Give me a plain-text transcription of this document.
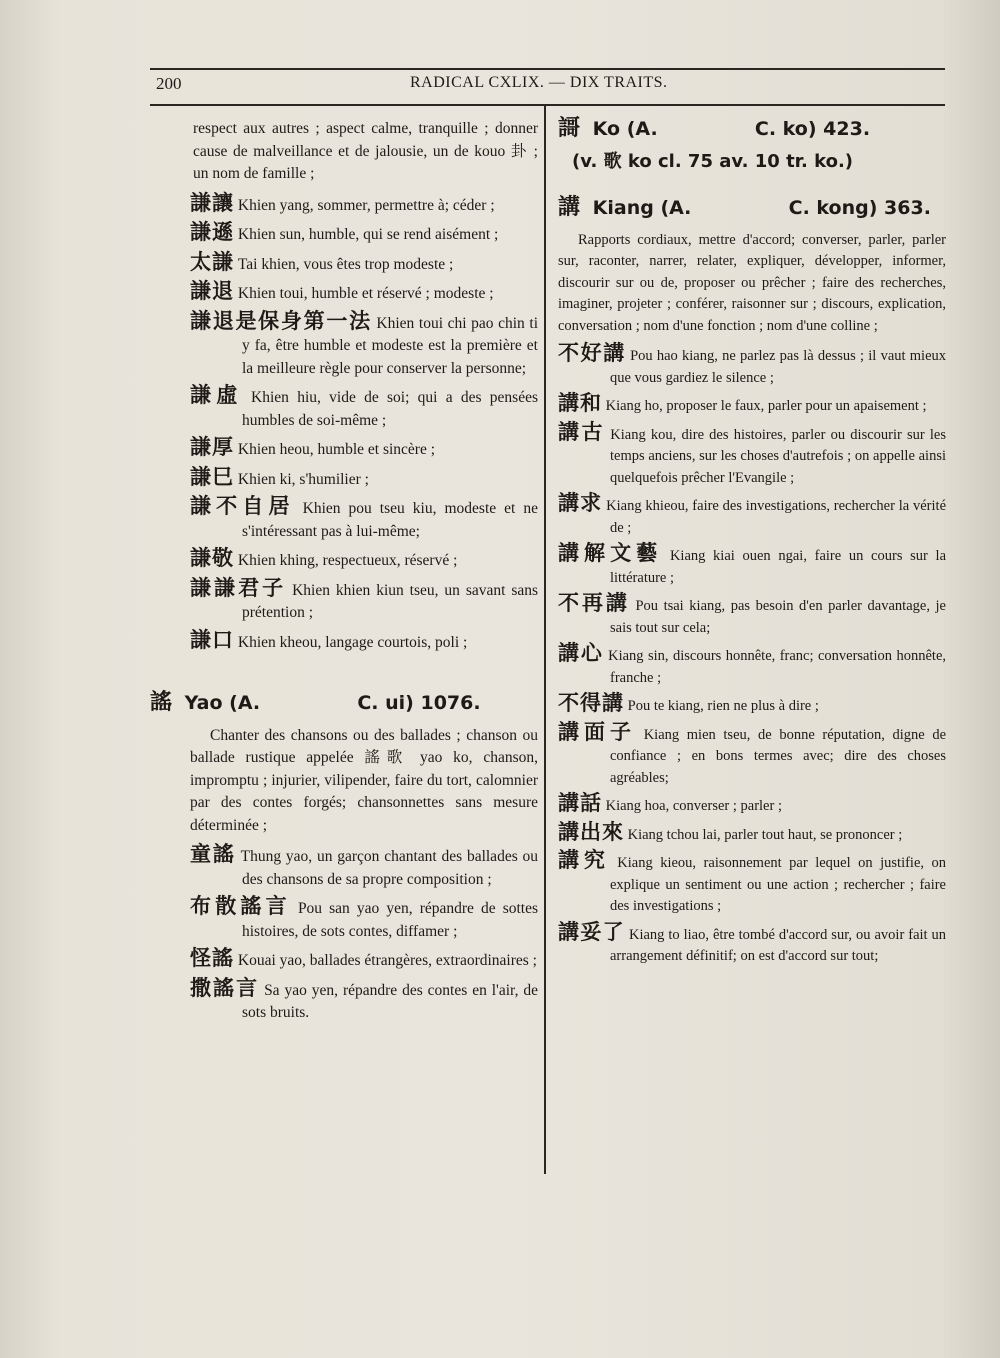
200	RADICAL CXLIX. — DIX TRAITS.

respect aux autres ; aspect calme, tranquille ; donner cause de malveillance et de jalousie, un de kouo 卦 ; un nom de famille ;

謙讓 Khien yang, sommer, permettre à; céder ;
謙遜 Khien sun, humble, qui se rend aisément ;
太謙 Tai khien, vous êtes trop modeste ;
謙退 Khien toui, humble et réservé ; modeste ;
謙退是保身第一法 Khien toui chi pao chin ti y fa, être humble et modeste est la première et la meilleure règle pour conserver la personne;
謙虛 Khien hiu, vide de soi; qui a des pensées humbles de soi-même ;
謙厚 Khien heou, humble et sincère ;
謙巳 Khien ki, s'humilier ;
謙不自居 Khien pou tseu kiu, modeste et ne s'intéressant pas à lui-même;
謙敬 Khien khing, respectueux, réservé ;
謙謙君子 Khien khien kiun tseu, un savant sans prétention ;
謙口 Khien kheou, langage courtois, poli ;
謠 Yao (A.	C. ui) 1076.

Chanter des chansons ou des ballades ; chanson ou ballade rustique appelée 謠歌 yao ko, chanson, impromptu ; injurier, vilipender, faire du tort, calomnier par des contes forgés; chansonnettes sans mesure déterminée ;

童謠 Thung yao, un garçon chantant des ballades ou des chansons de sa propre composition ;
布散謠言 Pou san yao yen, répandre de sottes histoires, de sots contes, diffamer ;
怪謠 Kouai yao, ballades étrangères, extraordinaires ;
撒謠言 Sa yao yen, répandre des contes en l'air, de sots bruits.
謌 Ko (A.	C. ko) 423.
(v. 歌 ko cl. 75 av. 10 tr. ko.)
講 Kiang (A.	C. kong) 363.

Rapports cordiaux, mettre d'accord; converser, parler, parler sur, raconter, narrer, relater, expliquer, développer, informer, discourir sur ou de, proposer ou prêcher ; faire des recherches, imaginer, projeter ; conférer, raisonner sur ; discours, explication, conversation ; nom d'une fonction ; nom d'une colline ;

不好講 Pou hao kiang, ne parlez pas là dessus ; il vaut mieux que vous gardiez le silence ;
講和 Kiang ho, proposer le faux, parler pour un apaisement ;
講古 Kiang kou, dire des histoires, parler ou discourir sur les temps anciens, sur les choses d'autrefois ; on appelle ainsi quelquefois prêcher l'Evangile ;
講求 Kiang khieou, faire des investigations, rechercher la vérité de ;
講解文藝 Kiang kiai ouen ngai, faire un cours sur la littérature ;
不再講 Pou tsai kiang, pas besoin d'en parler davantage, je sais tout sur cela;
講心 Kiang sin, discours honnête, franc; conversation honnête, franche ;
不得講 Pou te kiang, rien ne plus à dire ;
講面子 Kiang mien tseu, de bonne réputation, digne de confiance ; en bons termes avec; dire des choses agréables;
講話 Kiang hoa, converser ; parler ;
講出來 Kiang tchou lai, parler tout haut, se prononcer ;
講究 Kiang kieou, raisonnement par lequel on justifie, on explique un sentiment ou une action ; rechercher ; faire des investigations ;
講妥了 Kiang to liao, être tombé d'accord sur, ou avoir fait un arrangement définitif; on est d'accord sur tout;
